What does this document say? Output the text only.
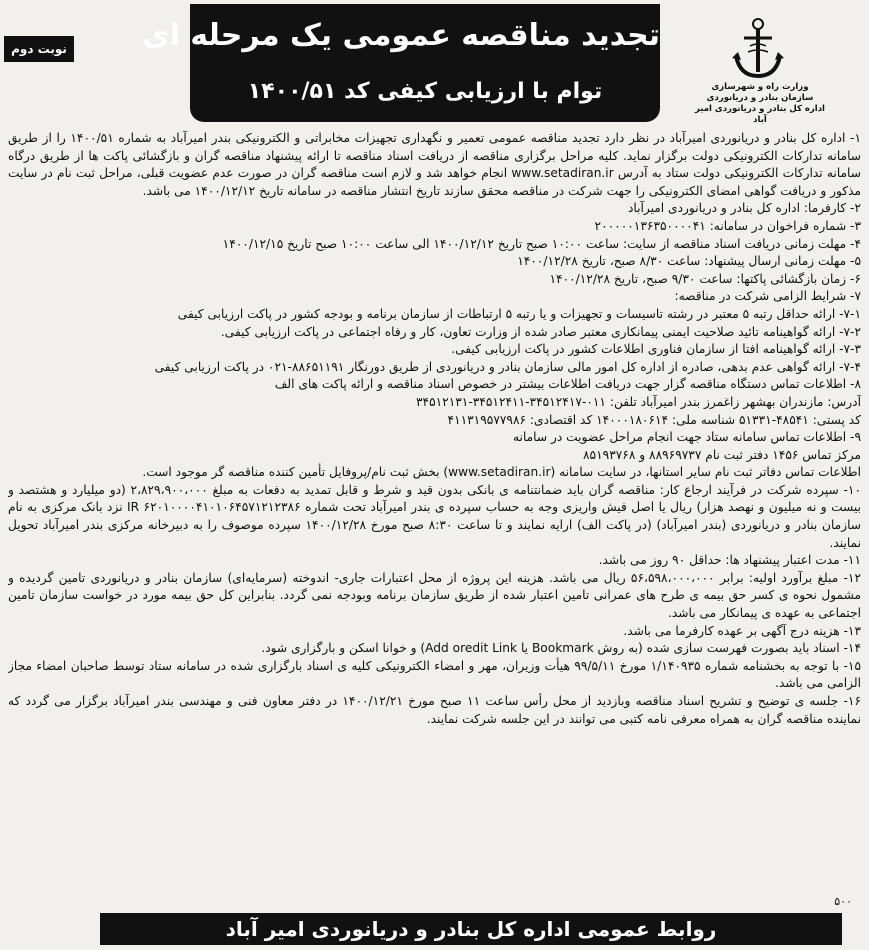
نوبت دوم	تجدید مناقصه عمومی یک مرحله ای
توام با ارزیابی کیفی کد ۱۴۰۰/۵۱	وزارت راه و شهرسازی
سازمان بنادر و دریانوردی
اداره کل بنادر و دریانوردی امیر آباد

۱- اداره کل بنادر و دریانوردی امیرآباد در نظر دارد تجدید مناقصه عمومی تعمیر و نگهداری تجهیزات مخابراتی و الکترونیکی بندر امیرآباد به شماره ۱۴۰۰/۵۱ را از طریق سامانه تدارکات الکترونیکی دولت برگزار نماید. کلیه مراحل برگزاری مناقصه از دریافت اسناد مناقصه تا ارائه پیشنهاد مناقصه گران و بازگشائی پاکت ها از طریق درگاه سامانه تدارکات الکترونیکی دولت ستاد به آدرس www.setadiran.ir انجام خواهد شد و لازم است مناقصه گران در صورت عدم عضویت قبلی، مراحل ثبت نام در سایت مذکور و دریافت گواهی امضای الکترونیکی را جهت شرکت در مناقصه محقق سازند تاریخ انتشار مناقصه در سامانه تاریخ ۱۴۰۰/۱۲/۱۲ می باشد.

۲- کارفرما: اداره کل بنادر و دریانوردی امیرآباد

۳- شماره فراخوان در سامانه: ۲۰۰۰۰۰۱۳۶۳۵۰۰۰۰۴۱

۴- مهلت زمانی دریافت اسناد مناقصه از سایت: ساعت ۱۰:۰۰ صبح تاریخ ۱۴۰۰/۱۲/۱۲ الی ساعت ۱۰:۰۰ صبح تاریخ ۱۴۰۰/۱۲/۱۵

۵- مهلت زمانی ارسال پیشنهاد: ساعت ۸/۳۰ صبح، تاریخ ۱۴۰۰/۱۲/۲۸

۶- زمان بازگشائی پاکتها: ساعت ۹/۳۰ صبح، تاریخ ۱۴۰۰/۱۲/۲۸

۷- شرایط الزامی شرکت در مناقصه:

۷-۱- ارائه حداقل رتبه ۵ معتبر در رشته تاسیسات و تجهیزات و یا رتبه ۵ ارتباطات از سازمان برنامه و بودجه کشور در پاکت ارزیابی کیفی

۷-۲- ارائه گواهینامه تائید صلاحیت ایمنی پیمانکاری معتبر صادر شده از وزارت تعاون، کار و رفاه اجتماعی در پاکت ارزیابی کیفی.

۷-۳- ارائه گواهینامه افتا از سازمان فناوری اطلاعات کشور در پاکت ارزیابی کیفی.

۷-۴- ارائه گواهی عدم بدهی، صادره از اداره کل امور مالی سازمان بنادر و دریانوردی از طریق دورنگار ۸۸۶۵۱۱۹۱-۰۲۱ در پاکت ارزیابی کیفی

۸- اطلاعات تماس دستگاه مناقصه گزار جهت دریافت اطلاعات بیشتر در خصوص اسناد مناقصه و ارائه پاکت های الف

آدرس: مازندران بهشهر زاغمرز بندر امیرآباد تلفن: ۰۱۱-۳۴۵۱۲۴۱۷-۳۴۵۱۲۴۱۱-۳۴۵۱۲۱۳۱

کد پستی: ۴۸۵۴۱-۵۱۳۳۱ شناسه ملی: ۱۴۰۰۰۱۸۰۶۱۴ کد اقتصادی: ۴۱۱۳۱۹۵۷۷۹۸۶

۹- اطلاعات تماس سامانه ستاد جهت انجام مراحل عضویت در سامانه

مرکز تماس ۱۴۵۶ دفتر ثبت نام ۸۸۹۶۹۷۳۷ و ۸۵۱۹۳۷۶۸

اطلاعات تماس دفاتر ثبت نام سایر استانها، در سایت سامانه (www.setadiran.ir) بخش ثبت نام/پروفایل تأمین کننده مناقصه گر موجود است.

۱۰- سپرده شرکت در فرآیند ارجاع کار: مناقصه گران باید ضمانتنامه ی بانکی بدون قید و شرط و قابل تمدید به دفعات به مبلغ ۲،۸۲۹،۹۰۰،۰۰۰ (دو میلیارد و هشتصد و بیست و نه میلیون و نهصد هزار) ریال یا اصل فیش واریزی وجه به حساب سپرده ی بندر امیرآباد تحت شماره IR ۶۲۰۱۰۰۰۰۴۱۰۱۰۶۴۵۷۱۲۱۲۳۸۶ نزد بانک مرکزی به نام سازمان بنادر و دریانوردی (بندر امیرآباد) (در پاکت الف) ارایه نمایند و تا ساعت ۸:۳۰ صبح مورخ ۱۴۰۰/۱۲/۲۸ سپرده موصوف را به دبیرخانه مرکزی بندر امیرآباد تحویل نمایند.

۱۱- مدت اعتبار پیشنهاد ها: حداقل ۹۰ روز می باشد.

۱۲- مبلغ برآورد اولیه: برابر ۵۶،۵۹۸،۰۰۰،۰۰۰ ریال می باشد. هزینه این پروژه از محل اعتبارات جاری- اندوخته (سرمایه‌ای) سازمان بنادر و دریانوردی تامین گردیده و مشمول نحوه ی کسر حق بیمه ی طرح های عمرانی تامین اعتبار شده از طریق سازمان برنامه وبودجه نمی گردد. بنابراین کل حق بیمه مورد در خواست سازمان تامین اجتماعی به عهده ی پیمانکار می باشد.

۱۳- هزینه درج آگهی بر عهده کارفرما می باشد.

۱۴- اسناد باید بصورت فهرست سازی شده (به روش Bookmark یا Add oredit Link) و خوانا اسکن و بارگزاری شود.

۱۵- با توجه به بخشنامه شماره ۱/۱۴۰۹۳۵ مورخ ۹۹/۵/۱۱ هیأت وزیران، مهر و امضاء الکترونیکی کلیه ی اسناد بارگزاری شده در سامانه ستاد توسط صاحبان امضاء مجاز الزامی می باشد.

۱۶- جلسه ی توضیح و تشریح اسناد مناقصه وبازدید از محل رأس ساعت ۱۱ صبح مورخ ۱۴۰۰/۱۲/۲۱ در دفتر معاون فنی و مهندسی بندر امیرآباد برگزار می گردد که نماینده مناقصه گران به همراه معرفی نامه کتبی می توانند در این جلسه شرکت نمایند.

۵۰۰
روابط عمومی اداره کل بنادر و دریانوردی امیر آباد
